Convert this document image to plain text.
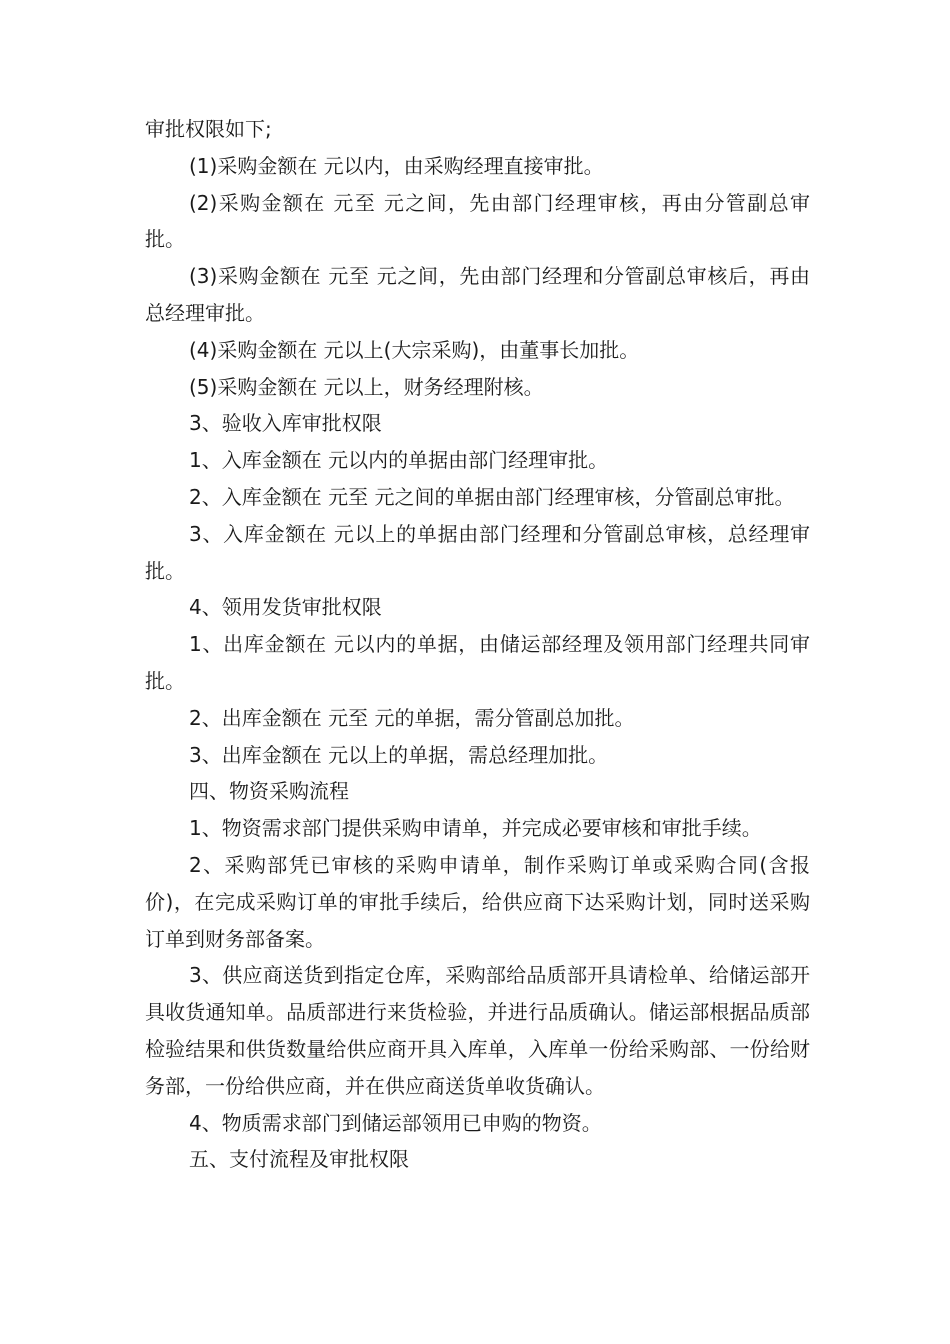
审批权限如下;

(1)采购金额在 元以内，由采购经理直接审批。

(2)采购金额在 元至 元之间，先由部门经理审核，再由分管副总审批。

(3)采购金额在 元至 元之间，先由部门经理和分管副总审核后，再由总经理审批。

(4)采购金额在 元以上(大宗采购)，由董事长加批。

(5)采购金额在 元以上，财务经理附核。

3、验收入库审批权限

1、入库金额在 元以内的单据由部门经理审批。

2、入库金额在 元至 元之间的单据由部门经理审核，分管副总审批。

3、入库金额在 元以上的单据由部门经理和分管副总审核，总经理审批。

4、领用发货审批权限

1、出库金额在 元以内的单据，由储运部经理及领用部门经理共同审批。

2、出库金额在 元至 元的单据，需分管副总加批。

3、出库金额在 元以上的单据，需总经理加批。

四、物资采购流程

1、物资需求部门提供采购申请单，并完成必要审核和审批手续。

2、采购部凭已审核的采购申请单，制作采购订单或采购合同(含报价)，在完成采购订单的审批手续后，给供应商下达采购计划，同时送采购订单到财务部备案。

3、供应商送货到指定仓库，采购部给品质部开具请检单、给储运部开具收货通知单。品质部进行来货检验，并进行品质确认。储运部根据品质部检验结果和供货数量给供应商开具入库单，入库单一份给采购部、一份给财务部，一份给供应商，并在供应商送货单收货确认。

4、物质需求部门到储运部领用已申购的物资。

五、支付流程及审批权限
